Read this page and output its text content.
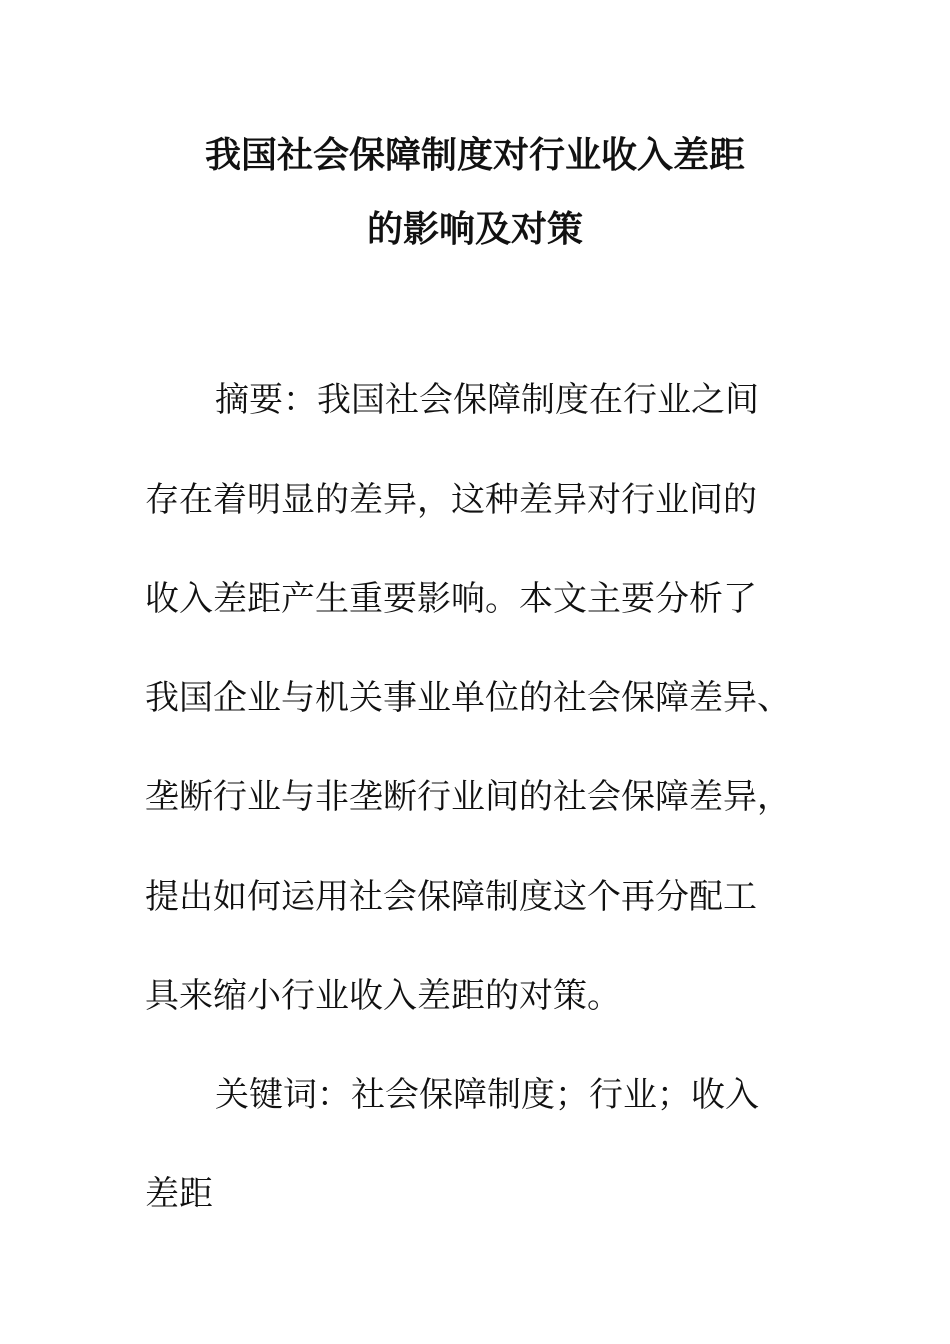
我国社会保障制度对行业收入差距
的影响及对策
摘要：我国社会保障制度在行业之间
存在着明显的差异，这种差异对行业间的
收入差距产生重要影响。本文主要分析了
我国企业与机关事业单位的社会保障差异、
垄断行业与非垄断行业间的社会保障差异，
提出如何运用社会保障制度这个再分配工
具来缩小行业收入差距的对策。
关键词：社会保障制度；行业；收入
差距
